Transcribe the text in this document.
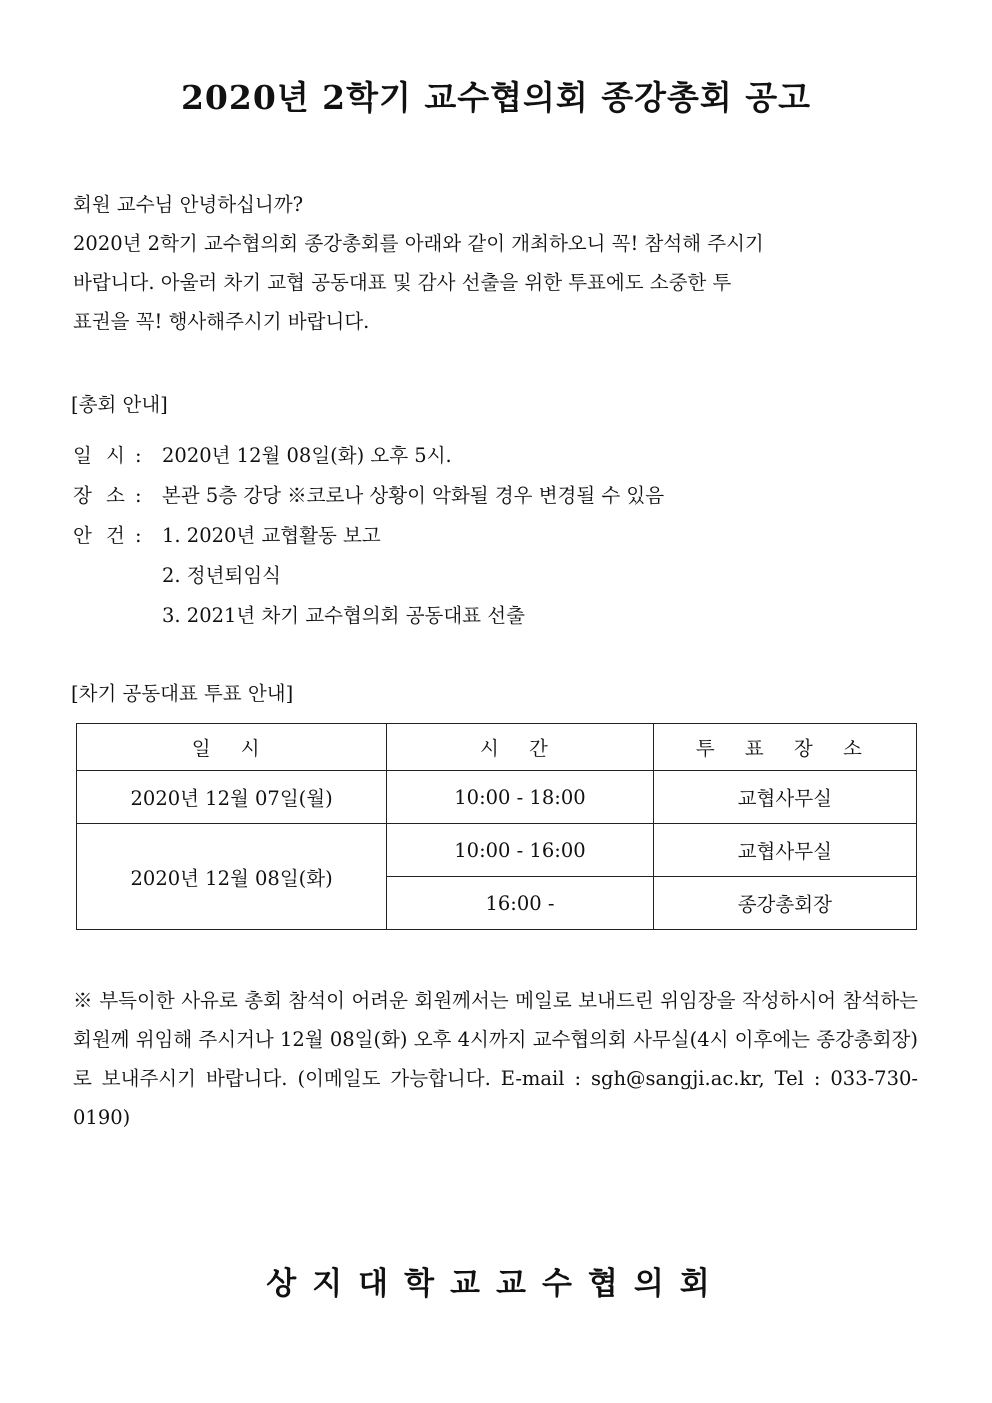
2020년 2학기 교수협의회 종강총회 공고
회원 교수님 안녕하십니까?
2020년 2학기 교수협의회 종강총회를 아래와 같이 개최하오니 꼭! 참석해 주시기
바랍니다. 아울러 차기 교협 공동대표 및 감사 선출을 위한 투표에도 소중한 투
표권을 꼭! 행사해주시기 바랍니다.
[총회 안내]
일 시 :	2020년 12월 08일(화) 오후 5시.
장 소 :	본관 5층 강당 ※코로나 상황이 악화될 경우 변경될 수 있음
안 건 :	1. 2020년 교협활동 보고
2. 정년퇴임식
3. 2021년 차기 교수협의회 공동대표 선출
[차기 공동대표 투표 안내]
일 시	시 간	투 표 장 소
2020년 12월 07일(월)	10:00 - 18:00	교협사무실
2020년 12월 08일(화)	10:00 - 16:00	교협사무실
	16:00 -	종강총회장
※ 부득이한 사유로 총회 참석이 어려운 회원께서는 메일로 보내드린 위임장을 작성하시어 참석하는 회원께 위임해 주시거나 12월 08일(화) 오후 4시까지 교수협의회 사무실(4시 이후에는 종강총회장)로 보내주시기 바랍니다. (이메일도 가능합니다. E-mail : sgh@sangji.ac.kr, Tel : 033-730-0190)
상지대학교교수협의회
